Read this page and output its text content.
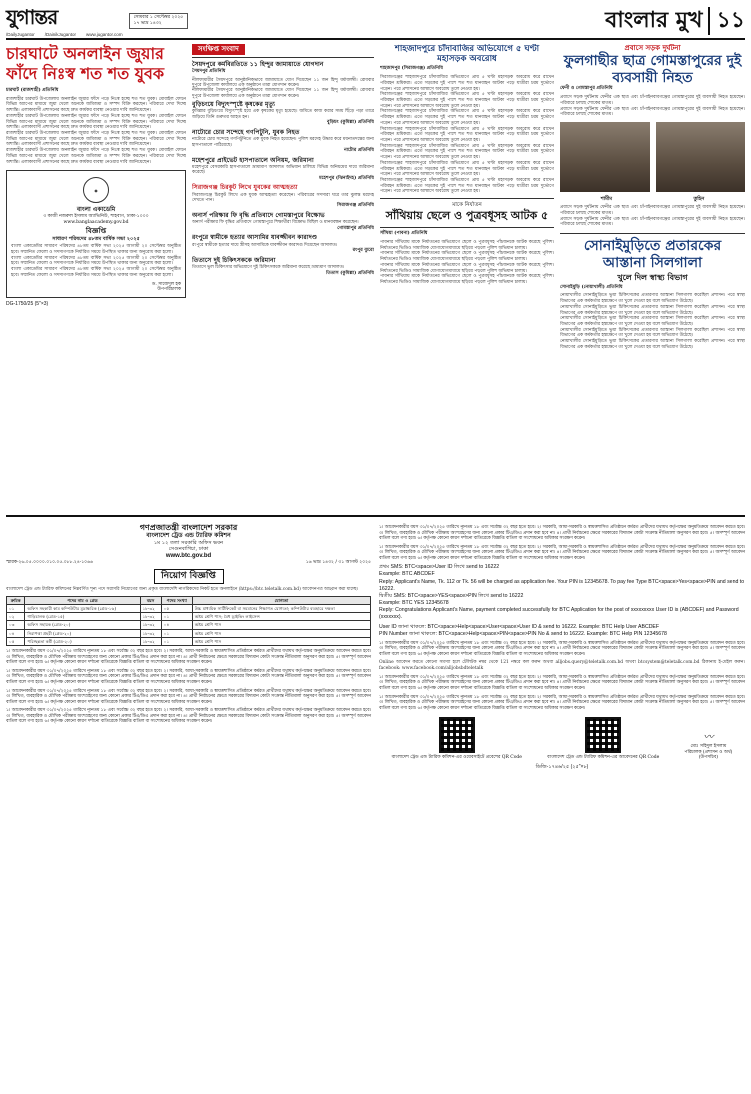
যুগান্তর
/DailyJugantor /DainikJugantor www.jugantor.com
সোমবার ১ সেপ্টেম্বর ২০২৫
১৭ ভাদ্র ১৪৩২	বাংলার মুখ ১১
চারঘাটে অনলাইন জুয়ার ফাঁদে নিঃস্ব শত শত যুবক
চারঘাট (রাজশাহী) প্রতিনিধি

রাজশাহীর চারঘাট উপজেলায় অনলাইন জুয়ার ফাঁদে পড়ে নিঃস্ব হচ্ছে শত শত যুবক। মোবাইল ফোনে বিভিন্ন অ্যাপের মাধ্যমে জুয়া খেলে অনেকে জমিজমা ও সম্পদ বিক্রি করছেন। পরিবারে দেখা দিচ্ছে অশান্তি। এলাকাবাসী প্রশাসনের কাছে দ্রুত কার্যকর ব্যবস্থা নেওয়ার দাবি জানিয়েছেন।

রাজশাহীর চারঘাট উপজেলায় অনলাইন জুয়ার ফাঁদে পড়ে নিঃস্ব হচ্ছে শত শত যুবক। মোবাইল ফোনে বিভিন্ন অ্যাপের মাধ্যমে জুয়া খেলে অনেকে জমিজমা ও সম্পদ বিক্রি করছেন। পরিবারে দেখা দিচ্ছে অশান্তি। এলাকাবাসী প্রশাসনের কাছে দ্রুত কার্যকর ব্যবস্থা নেওয়ার দাবি জানিয়েছেন।

রাজশাহীর চারঘাট উপজেলায় অনলাইন জুয়ার ফাঁদে পড়ে নিঃস্ব হচ্ছে শত শত যুবক। মোবাইল ফোনে বিভিন্ন অ্যাপের মাধ্যমে জুয়া খেলে অনেকে জমিজমা ও সম্পদ বিক্রি করছেন। পরিবারে দেখা দিচ্ছে অশান্তি। এলাকাবাসী প্রশাসনের কাছে দ্রুত কার্যকর ব্যবস্থা নেওয়ার দাবি জানিয়েছেন।

রাজশাহীর চারঘাট উপজেলায় অনলাইন জুয়ার ফাঁদে পড়ে নিঃস্ব হচ্ছে শত শত যুবক। মোবাইল ফোনে বিভিন্ন অ্যাপের মাধ্যমে জুয়া খেলে অনেকে জমিজমা ও সম্পদ বিক্রি করছেন। পরিবারে দেখা দিচ্ছে অশান্তি। এলাকাবাসী প্রশাসনের কাছে দ্রুত কার্যকর ব্যবস্থা নেওয়ার দাবি জানিয়েছেন।

◉
বাংলা একাডেমি
৩ কাজী নজরুল ইসলাম অ্যাভিনিউ, শাহবাগ, ঢাকা-১০০০
www.banglaacademy.gov.bd
বিজ্ঞপ্তি
সাধারণ পরিষদের ৪৮তম বার্ষিক সভা ২০২৫

বাংলা একাডেমির সাধারণ পরিষদের ৪৮তম বার্ষিক সভা ২০২৫ আগামী ২০ সেপ্টেম্বর অনুষ্ঠিত হবে। সম্মানিত ফেলো ও সদস্যগণকে নির্ধারিত সময়ে উপস্থিত থাকার জন্য অনুরোধ করা হলো।

বাংলা একাডেমির সাধারণ পরিষদের ৪৮তম বার্ষিক সভা ২০২৫ আগামী ২০ সেপ্টেম্বর অনুষ্ঠিত হবে। সম্মানিত ফেলো ও সদস্যগণকে নির্ধারিত সময়ে উপস্থিত থাকার জন্য অনুরোধ করা হলো।

বাংলা একাডেমির সাধারণ পরিষদের ৪৮তম বার্ষিক সভা ২০২৫ আগামী ২০ সেপ্টেম্বর অনুষ্ঠিত হবে। সম্মানিত ফেলো ও সদস্যগণকে নির্ধারিত সময়ে উপস্থিত থাকার জন্য অনুরোধ করা হলো।

ড. সাজেদুল হক
উপপরিচালক
DG-1750/25 (5"×3)
সংক্ষিপ্ত সংবাদ
সৈয়দপুরে কর্মবিরতিতে ১১ হিন্দুর জামায়াতে যোগদান
সৈয়দপুর প্রতিনিধি

নীলফামারীর সৈয়দপুরে আনুষ্ঠানিকভাবে জামায়াতে যোগ দিয়েছেন ১১ জন হিন্দু ধর্মাবলম্বী। রোববার দুপুরে উপজেলা কার্যালয়ে এক অনুষ্ঠানে তারা যোগদান করেন।

নীলফামারীর সৈয়দপুরে আনুষ্ঠানিকভাবে জামায়াতে যোগ দিয়েছেন ১১ জন হিন্দু ধর্মাবলম্বী। রোববার দুপুরে উপজেলা কার্যালয়ে এক অনুষ্ঠানে তারা যোগদান করেন।

বুড়িচংয়ে বিদ্যুৎস্পৃষ্টে কৃষকের মৃত্যু

কুমিল্লার বুড়িচংয়ে বিদ্যুৎস্পৃষ্ট হয়ে এক কৃষকের মৃত্যু হয়েছে। জমিতে কাজ করার সময় ছিঁড়ে পড়া তারে জড়িয়ে তিনি গুরুতর আহত হন।

বুড়িচং (কুমিল্লা) প্রতিনিধি
নাটোরে চোর সন্দেহে গণপিটুনি, যুবক নিহত

নাটোরে চোর সন্দেহে গণপিটুনিতে এক যুবক নিহত হয়েছেন। পুলিশ মরদেহ উদ্ধার করে ময়নাতদন্তের জন্য হাসপাতালে পাঠিয়েছে।

নাটোর প্রতিনিধি
মহেশপুরে প্রাইভেট হাসপাতালে অনিয়ম, জরিমানা

মহেশপুরে বেসরকারি হাসপাতালে ভ্রাম্যমাণ আদালত অভিযান চালিয়ে বিভিন্ন অনিয়মের দায়ে জরিমানা করেছে।

মহেশপুর (ঝিনাইদহ) প্রতিনিধি
সিরাজগঞ্জ চিরকুট লিখে যুবকের আত্মহত্যা

সিরাজগঞ্জে চিরকুট লিখে এক যুবক আত্মহত্যা করেছেন। পরিবারের সদস্যরা ঘরে তার ঝুলন্ত মরদেহ দেখতে পান।

সিরাজগঞ্জ প্রতিনিধি
অনার্স পরিক্ষার ফি বৃদ্ধি প্রতিবাদে গোমস্তাপুরে বিক্ষোভ

অনার্স পরীক্ষার ফি বৃদ্ধির প্রতিবাদে গোমস্তাপুরে শিক্ষার্থীরা বিক্ষোভ মিছিল ও মানববন্ধন করেছেন।

গোমস্তাপুর প্রতিনিধি
রংপুরে স্বামীকে হত্যার আসামির যাবজ্জীবন কারাদণ্ড

রংপুরে স্বামীকে হত্যার দায়ে স্ত্রীসহ আসামিকে যাবজ্জীবন কারাদণ্ড দিয়েছেন আদালত।

রংপুর ব্যুরো
তিতাসে দুই চিকিৎসককে জরিমানা

তিতাসে ভুল চিকিৎসার অভিযোগে দুই চিকিৎসককে জরিমানা করেছে ভ্রাম্যমাণ আদালত।

তিতাস (কুমিল্লা) প্রতিনিধি
শাহজাদপুরে চাঁদাবাজির অভিযোগে ৫ ঘণ্টা মহাসড়ক অবরোধ
শাহজাদপুর (সিরাজগঞ্জ) প্রতিনিধি

সিরাজগঞ্জের শাহজাদপুরে চাঁদাবাজির অভিযোগে প্রায় ৫ ঘণ্টা মহাসড়ক অবরোধ করে রাখেন পরিবহন শ্রমিকরা। এতে সড়কের দুই পাশে শত শত যানবাহন আটকা পড়ে যাত্রীরা চরম দুর্ভোগে পড়েন। পরে প্রশাসনের আশ্বাসে অবরোধ তুলে নেওয়া হয়।

সিরাজগঞ্জের শাহজাদপুরে চাঁদাবাজির অভিযোগে প্রায় ৫ ঘণ্টা মহাসড়ক অবরোধ করে রাখেন পরিবহন শ্রমিকরা। এতে সড়কের দুই পাশে শত শত যানবাহন আটকা পড়ে যাত্রীরা চরম দুর্ভোগে পড়েন। পরে প্রশাসনের আশ্বাসে অবরোধ তুলে নেওয়া হয়।

সিরাজগঞ্জের শাহজাদপুরে চাঁদাবাজির অভিযোগে প্রায় ৫ ঘণ্টা মহাসড়ক অবরোধ করে রাখেন পরিবহন শ্রমিকরা। এতে সড়কের দুই পাশে শত শত যানবাহন আটকা পড়ে যাত্রীরা চরম দুর্ভোগে পড়েন। পরে প্রশাসনের আশ্বাসে অবরোধ তুলে নেওয়া হয়।

সিরাজগঞ্জের শাহজাদপুরে চাঁদাবাজির অভিযোগে প্রায় ৫ ঘণ্টা মহাসড়ক অবরোধ করে রাখেন পরিবহন শ্রমিকরা। এতে সড়কের দুই পাশে শত শত যানবাহন আটকা পড়ে যাত্রীরা চরম দুর্ভোগে পড়েন। পরে প্রশাসনের আশ্বাসে অবরোধ তুলে নেওয়া হয়।

সিরাজগঞ্জের শাহজাদপুরে চাঁদাবাজির অভিযোগে প্রায় ৫ ঘণ্টা মহাসড়ক অবরোধ করে রাখেন পরিবহন শ্রমিকরা। এতে সড়কের দুই পাশে শত শত যানবাহন আটকা পড়ে যাত্রীরা চরম দুর্ভোগে পড়েন। পরে প্রশাসনের আশ্বাসে অবরোধ তুলে নেওয়া হয়।

সিরাজগঞ্জের শাহজাদপুরে চাঁদাবাজির অভিযোগে প্রায় ৫ ঘণ্টা মহাসড়ক অবরোধ করে রাখেন পরিবহন শ্রমিকরা। এতে সড়কের দুই পাশে শত শত যানবাহন আটকা পড়ে যাত্রীরা চরম দুর্ভোগে পড়েন। পরে প্রশাসনের আশ্বাসে অবরোধ তুলে নেওয়া হয়।

সিরাজগঞ্জের শাহজাদপুরে চাঁদাবাজির অভিযোগে প্রায় ৫ ঘণ্টা মহাসড়ক অবরোধ করে রাখেন পরিবহন শ্রমিকরা। এতে সড়কের দুই পাশে শত শত যানবাহন আটকা পড়ে যাত্রীরা চরম দুর্ভোগে পড়েন। পরে প্রশাসনের আশ্বাসে অবরোধ তুলে নেওয়া হয়।

মাকে নির্যাতন
সাঁথিয়ায় ছেলে ও পুত্রবধূসহ আটক ৫
সাঁথিয়া (পাবনা) প্রতিনিধি

পাবনার সাঁথিয়ায় মাকে নির্যাতনের অভিযোগে ছেলে ও পুত্রবধূসহ পাঁচজনকে আটক করেছে পুলিশ। নির্যাতনের ভিডিও সামাজিক যোগাযোগমাধ্যমে ছড়িয়ে পড়লে পুলিশ অভিযান চালায়।

পাবনার সাঁথিয়ায় মাকে নির্যাতনের অভিযোগে ছেলে ও পুত্রবধূসহ পাঁচজনকে আটক করেছে পুলিশ। নির্যাতনের ভিডিও সামাজিক যোগাযোগমাধ্যমে ছড়িয়ে পড়লে পুলিশ অভিযান চালায়।

পাবনার সাঁথিয়ায় মাকে নির্যাতনের অভিযোগে ছেলে ও পুত্রবধূসহ পাঁচজনকে আটক করেছে পুলিশ। নির্যাতনের ভিডিও সামাজিক যোগাযোগমাধ্যমে ছড়িয়ে পড়লে পুলিশ অভিযান চালায়।

পাবনার সাঁথিয়ায় মাকে নির্যাতনের অভিযোগে ছেলে ও পুত্রবধূসহ পাঁচজনকে আটক করেছে পুলিশ। নির্যাতনের ভিডিও সামাজিক যোগাযোগমাধ্যমে ছড়িয়ে পড়লে পুলিশ অভিযান চালায়।

প্রবাসে সড়ক দুর্ঘটনা
ফুলগাছীর ছাত্র গোমস্তাপুরের দুই ব্যবসায়ী নিহত
ফেনী ও গোমস্তাপুর প্রতিনিধি

প্রবাসে সড়ক দুর্ঘটনায় ফেনীর এক ছাত্র এবং চাঁপাইনবাবগঞ্জের গোমস্তাপুরের দুই ব্যবসায়ী নিহত হয়েছেন। পরিবারে চলছে শোকের মাতম।

প্রবাসে সড়ক দুর্ঘটনায় ফেনীর এক ছাত্র এবং চাঁপাইনবাবগঞ্জের গোমস্তাপুরের দুই ব্যবসায়ী নিহত হয়েছেন। পরিবারে চলছে শোকের মাতম।

শামীম	তুহিন

প্রবাসে সড়ক দুর্ঘটনায় ফেনীর এক ছাত্র এবং চাঁপাইনবাবগঞ্জের গোমস্তাপুরের দুই ব্যবসায়ী নিহত হয়েছেন। পরিবারে চলছে শোকের মাতম।

প্রবাসে সড়ক দুর্ঘটনায় ফেনীর এক ছাত্র এবং চাঁপাইনবাবগঞ্জের গোমস্তাপুরের দুই ব্যবসায়ী নিহত হয়েছেন। পরিবারে চলছে শোকের মাতম।

সোনাইমুড়িতে প্রতারকের আস্তানা সিলগালা
খুলে দিল স্বাস্থ্য বিভাগ
সোনাইমুড়ি (নোয়াখালী) প্রতিনিধি

নোয়াখালীর সোনাইমুড়িতে ভুয়া চিকিৎসকের প্রতারণার আস্তানা সিলগালা করেছিল প্রশাসন। পরে স্বাস্থ্য বিভাগের এক কর্মকর্তার হস্তক্ষেপে তা খুলে দেওয়া হয় বলে অভিযোগ উঠেছে।

নোয়াখালীর সোনাইমুড়িতে ভুয়া চিকিৎসকের প্রতারণার আস্তানা সিলগালা করেছিল প্রশাসন। পরে স্বাস্থ্য বিভাগের এক কর্মকর্তার হস্তক্ষেপে তা খুলে দেওয়া হয় বলে অভিযোগ উঠেছে।

নোয়াখালীর সোনাইমুড়িতে ভুয়া চিকিৎসকের প্রতারণার আস্তানা সিলগালা করেছিল প্রশাসন। পরে স্বাস্থ্য বিভাগের এক কর্মকর্তার হস্তক্ষেপে তা খুলে দেওয়া হয় বলে অভিযোগ উঠেছে।

নোয়াখালীর সোনাইমুড়িতে ভুয়া চিকিৎসকের প্রতারণার আস্তানা সিলগালা করেছিল প্রশাসন। পরে স্বাস্থ্য বিভাগের এক কর্মকর্তার হস্তক্ষেপে তা খুলে দেওয়া হয় বলে অভিযোগ উঠেছে।

নোয়াখালীর সোনাইমুড়িতে ভুয়া চিকিৎসকের প্রতারণার আস্তানা সিলগালা করেছিল প্রশাসন। পরে স্বাস্থ্য বিভাগের এক কর্মকর্তার হস্তক্ষেপে তা খুলে দেওয়া হয় বলে অভিযোগ উঠেছে।

গণপ্রজাতন্ত্রী বাংলাদেশ সরকার
বাংলাদেশ ট্রেড এন্ড ট্যারিফ কমিশন
১ম ১২ তলা সরকারি অফিস ভবন
সেগুনবাগিচা, ঢাকা
www.btc.gov.bd
স্মারক-২৬.০৫.০০০০.০১০.০৫.০৮৮.২৪-১০৬৬	১৬ ভাদ্র ১৪৩২ / ৩১ আগস্ট ২০২৫
নিয়োগ বিজ্ঞপ্তি

বাংলাদেশ ট্রেড এন্ড ট্যারিফ কমিশনের নিম্নবর্ণিত শূন্য পদে সরাসরি নিয়োগের জন্য প্রকৃত বাংলাদেশি নাগরিকদের নিকট হতে অনলাইনে (https://btc.teletalk.com.bd) আবেদনপত্র আহ্বান করা যাচ্ছে।

ক্রমিক	পদের নাম ও গ্রেড	বয়স	পদের সংখ্যা	যোগ্যতা
০১	অফিস সহকারী কাম কম্পিউটার মুদ্রাক্ষরিক (গ্রেড-১৬)	১৮-৩২	০৫	উচ্চ মাধ্যমিক সার্টিফিকেট বা সমমানের শিক্ষাগত যোগ্যতা; কম্পিউটার ব্যবহারে দক্ষতা
০২	গাড়িচালক (গ্রেড-১৫)	১৮-৩২	০১	অষ্টম শ্রেণি পাস; বৈধ ড্রাইভিং লাইসেন্স
০৩	অফিস সহায়ক (গ্রেড-২০)	১৮-৩২	০৪	অষ্টম শ্রেণি পাস
০৪	নিরাপত্তা প্রহরী (গ্রেড-২০)	১৮-৩২	০১	অষ্টম শ্রেণি পাস
০৫	পরিচ্ছন্নতা কর্মী (গ্রেড-২০)	১৮-৩২	০১	অষ্টম শ্রেণি পাস

১। আবেদনকারীর বয়স ৩১/০৭/২০২৫ তারিখে ন্যূনতম ১৮ এবং সর্বোচ্চ ৩২ বছর হতে হবে। ২। সরকারি, আধা-সরকারি ও স্বায়ত্তশাসিত প্রতিষ্ঠানে কর্মরত প্রার্থীদের যথাযথ কর্তৃপক্ষের অনুমতিক্রমে আবেদন করতে হবে। ৩। লিখিত, ব্যবহারিক ও মৌখিক পরীক্ষায় অংশগ্রহণের জন্য কোনো প্রকার টিএ/ডিএ প্রদান করা হবে না। ৪। প্রার্থী নির্বাচনের ক্ষেত্রে সরকারের বিদ্যমান কোটা সংক্রান্ত নীতিমালা অনুসরণ করা হবে। ৫। অসম্পূর্ণ আবেদন বাতিল বলে গণ্য হবে। ৬। কর্তৃপক্ষ কোনো কারণ দর্শানো ব্যতিরেকে বিজ্ঞপ্তি বাতিল বা সংশোধনের অধিকার সংরক্ষণ করেন।

১। আবেদনকারীর বয়স ৩১/০৭/২০২৫ তারিখে ন্যূনতম ১৮ এবং সর্বোচ্চ ৩২ বছর হতে হবে। ২। সরকারি, আধা-সরকারি ও স্বায়ত্তশাসিত প্রতিষ্ঠানে কর্মরত প্রার্থীদের যথাযথ কর্তৃপক্ষের অনুমতিক্রমে আবেদন করতে হবে। ৩। লিখিত, ব্যবহারিক ও মৌখিক পরীক্ষায় অংশগ্রহণের জন্য কোনো প্রকার টিএ/ডিএ প্রদান করা হবে না। ৪। প্রার্থী নির্বাচনের ক্ষেত্রে সরকারের বিদ্যমান কোটা সংক্রান্ত নীতিমালা অনুসরণ করা হবে। ৫। অসম্পূর্ণ আবেদন বাতিল বলে গণ্য হবে। ৬। কর্তৃপক্ষ কোনো কারণ দর্শানো ব্যতিরেকে বিজ্ঞপ্তি বাতিল বা সংশোধনের অধিকার সংরক্ষণ করেন।

১। আবেদনকারীর বয়স ৩১/০৭/২০২৫ তারিখে ন্যূনতম ১৮ এবং সর্বোচ্চ ৩২ বছর হতে হবে। ২। সরকারি, আধা-সরকারি ও স্বায়ত্তশাসিত প্রতিষ্ঠানে কর্মরত প্রার্থীদের যথাযথ কর্তৃপক্ষের অনুমতিক্রমে আবেদন করতে হবে। ৩। লিখিত, ব্যবহারিক ও মৌখিক পরীক্ষায় অংশগ্রহণের জন্য কোনো প্রকার টিএ/ডিএ প্রদান করা হবে না। ৪। প্রার্থী নির্বাচনের ক্ষেত্রে সরকারের বিদ্যমান কোটা সংক্রান্ত নীতিমালা অনুসরণ করা হবে। ৫। অসম্পূর্ণ আবেদন বাতিল বলে গণ্য হবে। ৬। কর্তৃপক্ষ কোনো কারণ দর্শানো ব্যতিরেকে বিজ্ঞপ্তি বাতিল বা সংশোধনের অধিকার সংরক্ষণ করেন।

১। আবেদনকারীর বয়স ৩১/০৭/২০২৫ তারিখে ন্যূনতম ১৮ এবং সর্বোচ্চ ৩২ বছর হতে হবে। ২। সরকারি, আধা-সরকারি ও স্বায়ত্তশাসিত প্রতিষ্ঠানে কর্মরত প্রার্থীদের যথাযথ কর্তৃপক্ষের অনুমতিক্রমে আবেদন করতে হবে। ৩। লিখিত, ব্যবহারিক ও মৌখিক পরীক্ষায় অংশগ্রহণের জন্য কোনো প্রকার টিএ/ডিএ প্রদান করা হবে না। ৪। প্রার্থী নির্বাচনের ক্ষেত্রে সরকারের বিদ্যমান কোটা সংক্রান্ত নীতিমালা অনুসরণ করা হবে। ৫। অসম্পূর্ণ আবেদন বাতিল বলে গণ্য হবে। ৬। কর্তৃপক্ষ কোনো কারণ দর্শানো ব্যতিরেকে বিজ্ঞপ্তি বাতিল বা সংশোধনের অধিকার সংরক্ষণ করেন।

১। আবেদনকারীর বয়স ৩১/০৭/২০২৫ তারিখে ন্যূনতম ১৮ এবং সর্বোচ্চ ৩২ বছর হতে হবে। ২। সরকারি, আধা-সরকারি ও স্বায়ত্তশাসিত প্রতিষ্ঠানে কর্মরত প্রার্থীদের যথাযথ কর্তৃপক্ষের অনুমতিক্রমে আবেদন করতে হবে। ৩। লিখিত, ব্যবহারিক ও মৌখিক পরীক্ষায় অংশগ্রহণের জন্য কোনো প্রকার টিএ/ডিএ প্রদান করা হবে না। ৪। প্রার্থী নির্বাচনের ক্ষেত্রে সরকারের বিদ্যমান কোটা সংক্রান্ত নীতিমালা অনুসরণ করা হবে। ৫। অসম্পূর্ণ আবেদন বাতিল বলে গণ্য হবে। ৬। কর্তৃপক্ষ কোনো কারণ দর্শানো ব্যতিরেকে বিজ্ঞপ্তি বাতিল বা সংশোধনের অধিকার সংরক্ষণ করেন।

১। আবেদনকারীর বয়স ৩১/০৭/২০২৫ তারিখে ন্যূনতম ১৮ এবং সর্বোচ্চ ৩২ বছর হতে হবে। ২। সরকারি, আধা-সরকারি ও স্বায়ত্তশাসিত প্রতিষ্ঠানে কর্মরত প্রার্থীদের যথাযথ কর্তৃপক্ষের অনুমতিক্রমে আবেদন করতে হবে। ৩। লিখিত, ব্যবহারিক ও মৌখিক পরীক্ষায় অংশগ্রহণের জন্য কোনো প্রকার টিএ/ডিএ প্রদান করা হবে না। ৪। প্রার্থী নির্বাচনের ক্ষেত্রে সরকারের বিদ্যমান কোটা সংক্রান্ত নীতিমালা অনুসরণ করা হবে। ৫। অসম্পূর্ণ আবেদন বাতিল বলে গণ্য হবে। ৬। কর্তৃপক্ষ কোনো কারণ দর্শানো ব্যতিরেকে বিজ্ঞপ্তি বাতিল বা সংশোধনের অধিকার সংরক্ষণ করেন।

প্রথম SMS: BTC<space>User ID লিখে send to 16222
Example: BTC ABCDEF
Reply: Applicant's Name, Tk. 112 or Tk. 56 will be charged as application fee. Your PIN is 12345678. To pay fee Type BTC<space>Yes<space>PIN and send to 16222.
দ্বিতীয় SMS: BTC<space>YES<space>PIN লিখে send to 16222
Example: BTC YES 12345678
Reply: Congratulations Applicant's Name, payment completed successfully for BTC Application for the post of xxxxxxxxx User ID is (ABCDEF) and Password (xxxxxxx).
User ID জানা থাকলে: BTC<space>Help<space>User<space>User ID & send to 16222. Example: BTC Help User ABCDEF
PIN Number জানা থাকলে: BTC<space>Help<space>PIN<space>PIN No & send to 16222. Example: BTC Help PIN 12345678

১। আবেদনকারীর বয়স ৩১/০৭/২০২৫ তারিখে ন্যূনতম ১৮ এবং সর্বোচ্চ ৩২ বছর হতে হবে। ২। সরকারি, আধা-সরকারি ও স্বায়ত্তশাসিত প্রতিষ্ঠানে কর্মরত প্রার্থীদের যথাযথ কর্তৃপক্ষের অনুমতিক্রমে আবেদন করতে হবে। ৩। লিখিত, ব্যবহারিক ও মৌখিক পরীক্ষায় অংশগ্রহণের জন্য কোনো প্রকার টিএ/ডিএ প্রদান করা হবে না। ৪। প্রার্থী নির্বাচনের ক্ষেত্রে সরকারের বিদ্যমান কোটা সংক্রান্ত নীতিমালা অনুসরণ করা হবে। ৫। অসম্পূর্ণ আবেদন বাতিল বলে গণ্য হবে। ৬। কর্তৃপক্ষ কোনো কারণ দর্শানো ব্যতিরেকে বিজ্ঞপ্তি বাতিল বা সংশোধনের অধিকার সংরক্ষণ করেন।

Online আবেদন করতে কোনো সমস্যা হলে টেলিটক নম্বর থেকে 121 নম্বরে কল করুন অথবা alljobs.query@teletalk.com.bd অথবা btcsystem@teletalk.com.bd ঠিকানায় ই-মেইল করুন। facebook: www.facebook.com/alljobsbdteletalk

১। আবেদনকারীর বয়স ৩১/০৭/২০২৫ তারিখে ন্যূনতম ১৮ এবং সর্বোচ্চ ৩২ বছর হতে হবে। ২। সরকারি, আধা-সরকারি ও স্বায়ত্তশাসিত প্রতিষ্ঠানে কর্মরত প্রার্থীদের যথাযথ কর্তৃপক্ষের অনুমতিক্রমে আবেদন করতে হবে। ৩। লিখিত, ব্যবহারিক ও মৌখিক পরীক্ষায় অংশগ্রহণের জন্য কোনো প্রকার টিএ/ডিএ প্রদান করা হবে না। ৪। প্রার্থী নির্বাচনের ক্ষেত্রে সরকারের বিদ্যমান কোটা সংক্রান্ত নীতিমালা অনুসরণ করা হবে। ৫। অসম্পূর্ণ আবেদন বাতিল বলে গণ্য হবে। ৬। কর্তৃপক্ষ কোনো কারণ দর্শানো ব্যতিরেকে বিজ্ঞপ্তি বাতিল বা সংশোধনের অধিকার সংরক্ষণ করেন।

১। আবেদনকারীর বয়স ৩১/০৭/২০২৫ তারিখে ন্যূনতম ১৮ এবং সর্বোচ্চ ৩২ বছর হতে হবে। ২। সরকারি, আধা-সরকারি ও স্বায়ত্তশাসিত প্রতিষ্ঠানে কর্মরত প্রার্থীদের যথাযথ কর্তৃপক্ষের অনুমতিক্রমে আবেদন করতে হবে। ৩। লিখিত, ব্যবহারিক ও মৌখিক পরীক্ষায় অংশগ্রহণের জন্য কোনো প্রকার টিএ/ডিএ প্রদান করা হবে না। ৪। প্রার্থী নির্বাচনের ক্ষেত্রে সরকারের বিদ্যমান কোটা সংক্রান্ত নীতিমালা অনুসরণ করা হবে। ৫। অসম্পূর্ণ আবেদন বাতিল বলে গণ্য হবে। ৬। কর্তৃপক্ষ কোনো কারণ দর্শানো ব্যতিরেকে বিজ্ঞপ্তি বাতিল বা সংশোধনের অধিকার সংরক্ষণ করেন।

বাংলাদেশ ট্রেড এন্ড ট্যারিফ কমিশন-এর ওয়েবসাইটে প্রবেশের QR Code	বাংলাদেশ ট্রেড এন্ড ট্যারিফ কমিশন-এর আবেদনের QR Code
〰
মোঃ সহিদুল ইসলাম
পরিচালক (প্রশাসন ও অর্থ)
(উপসচিব)
ডিজি-১৭৪৬/২৫ (২৫"×৮)
